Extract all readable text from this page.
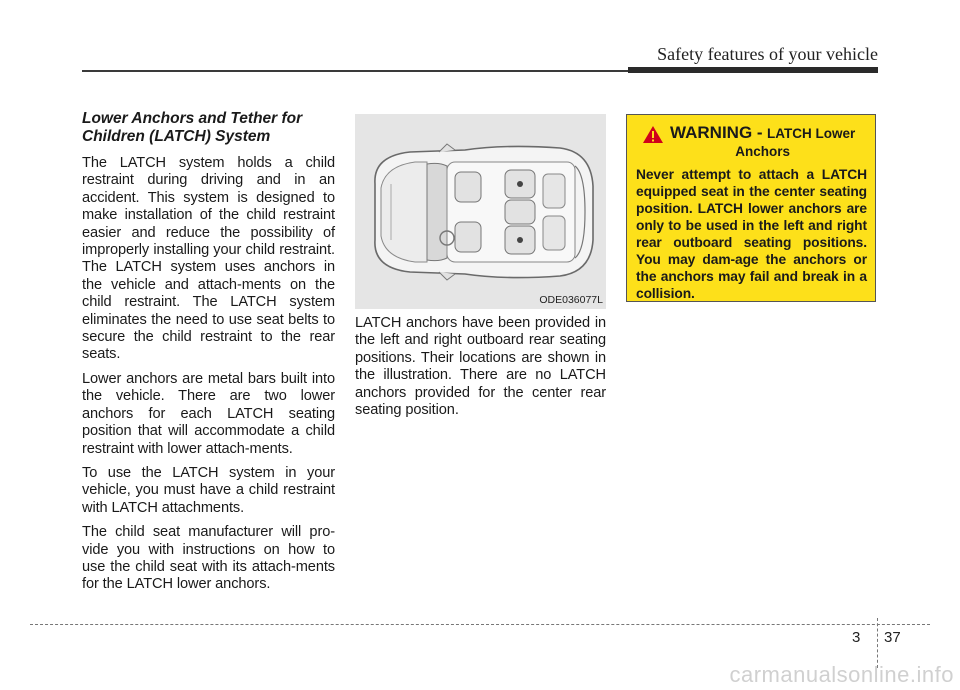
Safety features of your vehicle
Lower Anchors and Tether for Children (LATCH) System

The LATCH system holds a child restraint during driving and in an accident. This system is designed to make installation of the child restraint easier and reduce the possibility of improperly installing your child restraint. The LATCH system uses anchors in the vehicle and attach-ments on the child restraint. The LATCH system eliminates the need to use seat belts to secure the child restraint to the rear seats.

Lower anchors are metal bars built into the vehicle. There are two lower anchors for each LATCH seating position that will accommodate a child restraint with lower attach-ments.

To use the LATCH system in your vehicle, you must have a child restraint with LATCH attachments.

The child seat manufacturer will pro-vide you with instructions on how to use the child seat with its attach-ments for the LATCH lower anchors.

ODE036077L

LATCH anchors have been provided in the left and right outboard rear seating positions. Their locations are shown in the illustration. There are no LATCH anchors provided for the center rear seating position.

WARNING - LATCH Lower
Anchors
Never attempt to attach a LATCH equipped seat in the center seating position. LATCH lower anchors are only to be used in the left and right rear outboard seating positions. You may dam-age the anchors or the anchors may fail and break in a collision.
3 37
carmanualsonline.info
